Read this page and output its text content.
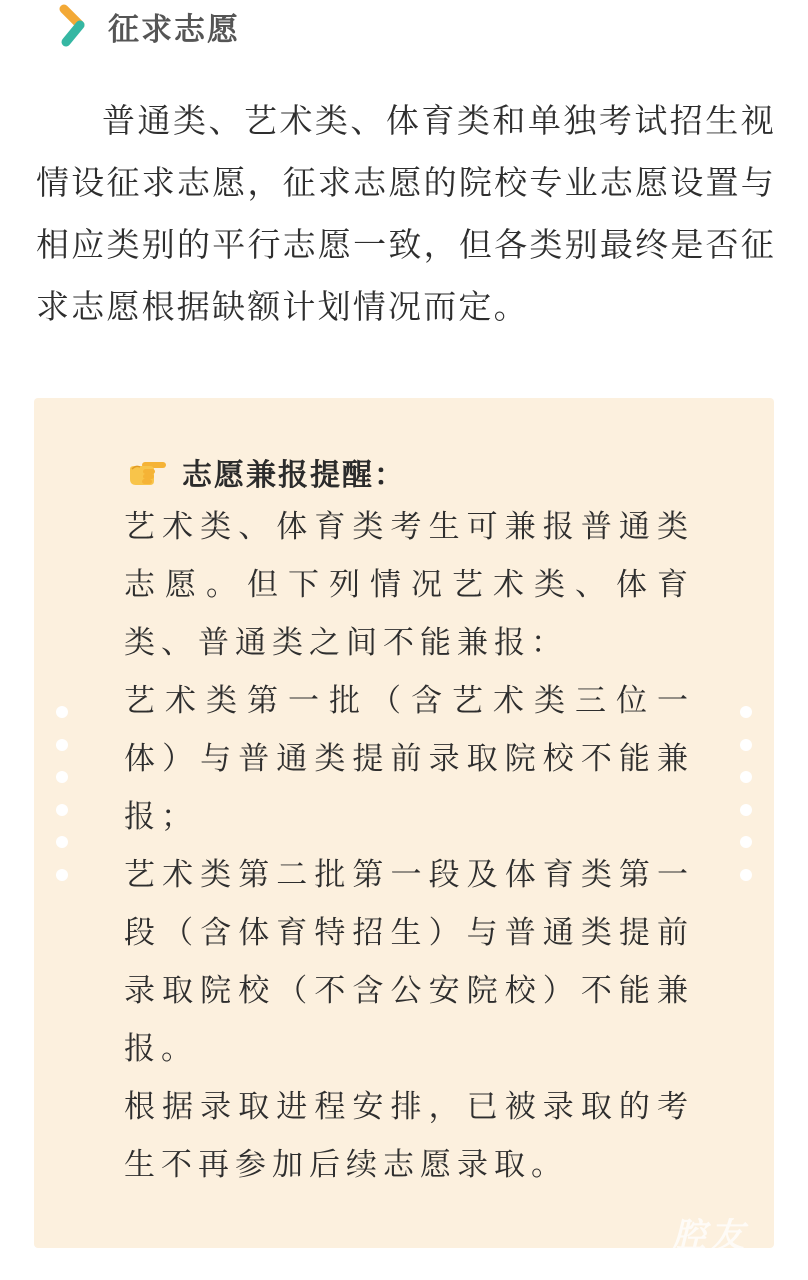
征求志愿

普通类、艺术类、体育类和单独考试招生视情设征求志愿，征求志愿的院校专业志愿设置与相应类别的平行志愿一致，但各类别最终是否征求志愿根据缺额计划情况而定。

志愿兼报提醒：

艺术类、体育类考生可兼报普通类志愿。但下列情况艺术类、体育类、普通类之间不能兼报：

艺术类第一批（含艺术类三位一体）与普通类提前录取院校不能兼报；

艺术类第二批第一段及体育类第一段（含体育特招生）与普通类提前录取院校（不含公安院校）不能兼报。

根据录取进程安排，已被录取的考生不再参加后续志愿录取。

腔友
